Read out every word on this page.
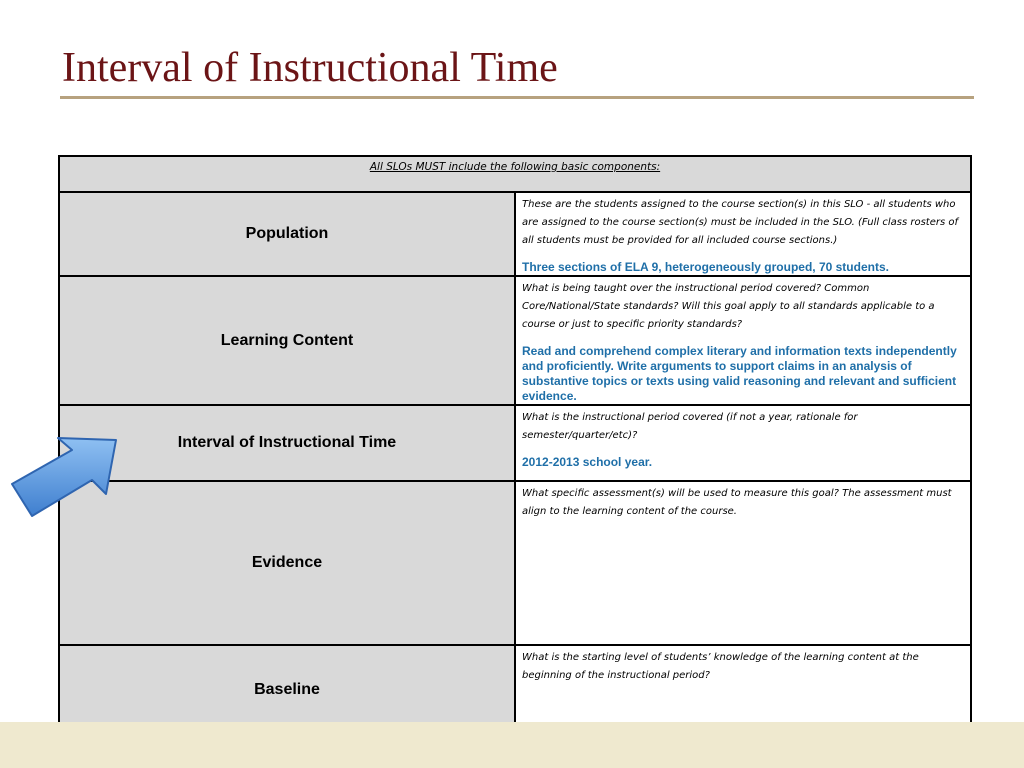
Interval of Instructional Time
All SLOs MUST include the following basic components:	
Population	These are the students assigned to the course section(s) in this SLO - all students who are assigned to the course section(s) must be included in the SLO. (Full class rosters of all students must be provided for all included course sections.)

Three sections of ELA 9, heterogeneously grouped, 70 students.

Learning Content	What is being taught over the instructional period covered? Common Core/National/State standards? Will this goal apply to all standards applicable to a course or just to specific priority standards?

Read and comprehend complex literary and information texts independently and proficiently. Write arguments to support claims in an analysis of substantive topics or texts using valid reasoning and relevant and sufficient evidence.

Interval of Instructional Time	What is the instructional period covered (if not a year, rationale for semester/quarter/etc)?

2012-2013 school year.

Evidence	What specific assessment(s) will be used to measure this goal? The assessment must align to the learning content of the course.

Baseline	What is the starting level of students’ knowledge of the learning content at the beginning of the instructional period?
